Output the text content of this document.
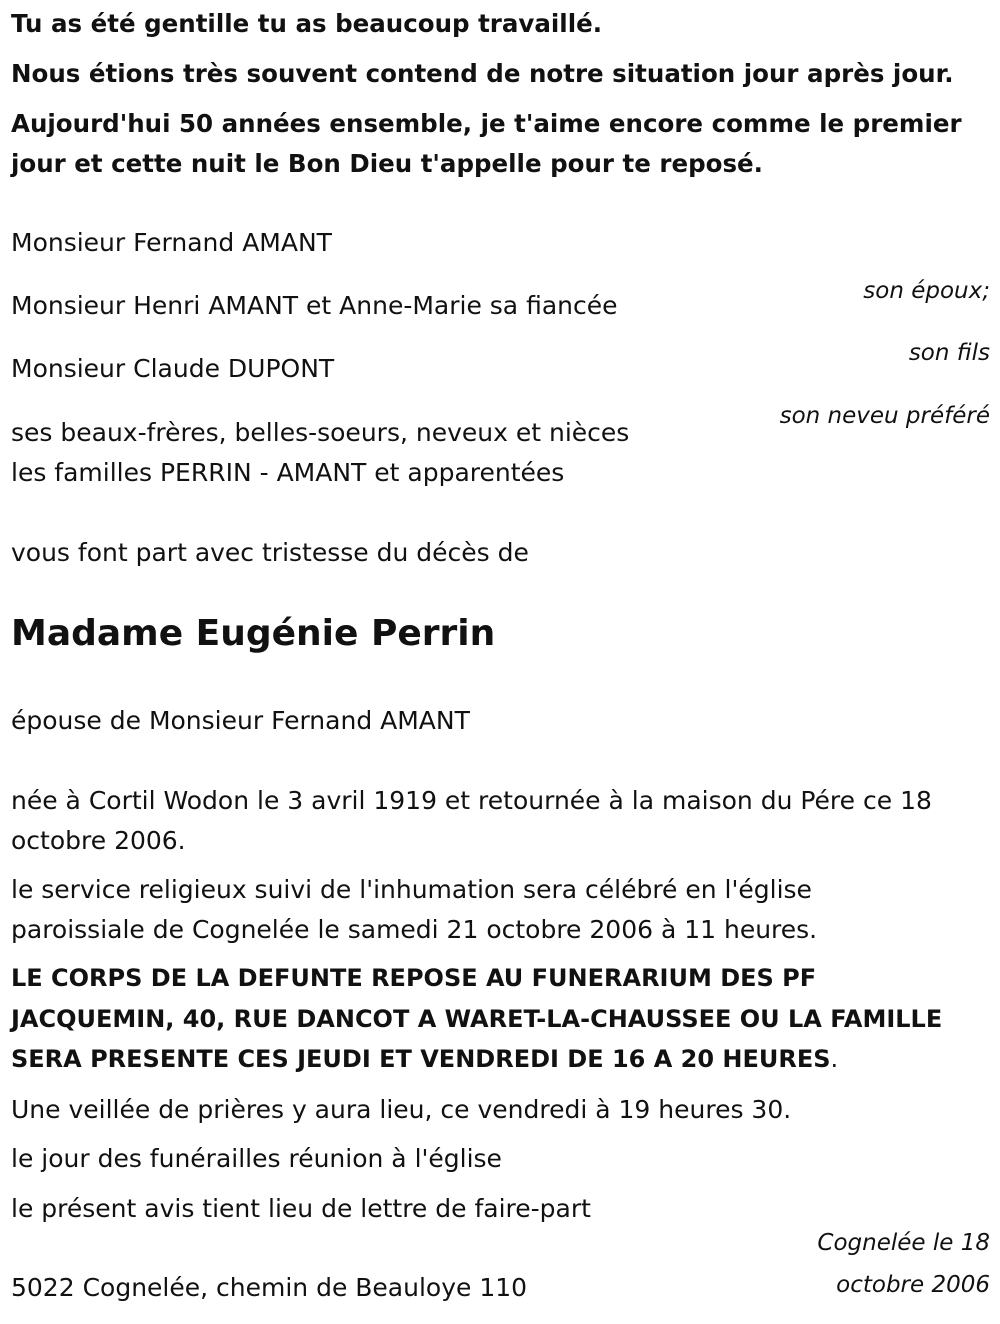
Tu as été gentille tu as beaucoup travaillé.

Nous étions très souvent contend de notre situation jour après jour.

Aujourd'hui 50 années ensemble, je t'aime encore comme le premier

jour et cette nuit le Bon Dieu t'appelle pour te reposé.

Monsieur Fernand AMANT

son époux;

Monsieur Henri AMANT et Anne-Marie sa fiancée

son fils

Monsieur Claude DUPONT

son neveu préféré

ses beaux-frères, belles-soeurs, neveux et nièces

les familles PERRIN - AMANT et apparentées

vous font part avec tristesse du décès de

Madame Eugénie Perrin

épouse de Monsieur Fernand AMANT

née à Cortil Wodon le 3 avril 1919 et retournée à la maison du Pére ce 18

octobre 2006.

le service religieux suivi de l'inhumation sera célébré en l'église

paroissiale de Cognelée le samedi 21 octobre 2006 à 11 heures.

LE CORPS DE LA DEFUNTE REPOSE AU FUNERARIUM DES PF

JACQUEMIN, 40, RUE DANCOT A WARET-LA-CHAUSSEE OU LA FAMILLE

SERA PRESENTE CES JEUDI ET VENDREDI DE 16 A 20 HEURES.

Une veillée de prières y aura lieu, ce vendredi à 19 heures 30.

le jour des funérailles réunion à l'église

le présent avis tient lieu de lettre de faire-part

Cognelée le 18
octobre 2006

5022 Cognelée, chemin de Beauloye 110
